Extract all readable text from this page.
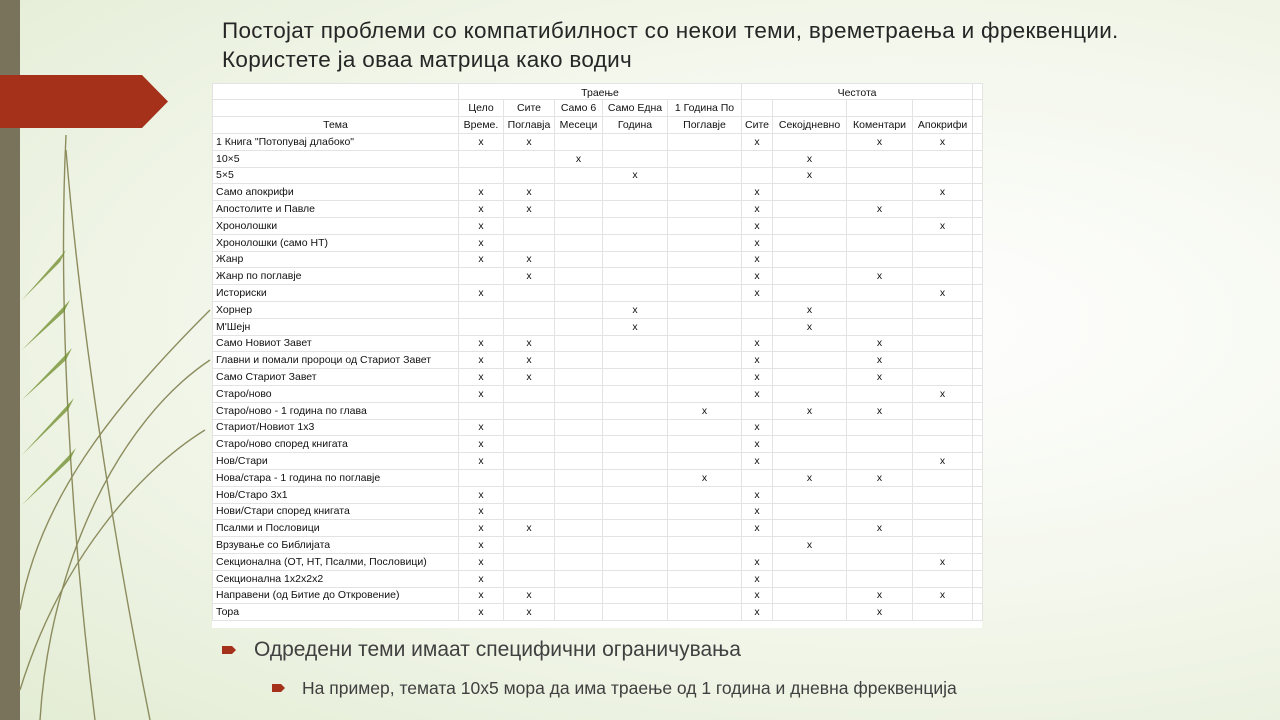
Постојат проблеми со компатибилност со некои теми, времетраења и фреквенции. Користете ја оваа матрица како водич
	Траење					Честота				
	Цело	Сите	Само 6	Само Една	1 Година По					
Тема	Време.	Поглавја	Месеци	Година	Поглавје	Сите	Секојдневно	Коментари	Апокрифи	
1 Книга "Потопувај длабоко"	x	x				x		x	x	
10×5			x				x			
5×5				x			x			
Само апокрифи	x	x				x			x	
Апостолите и Павле	x	x				x		x		
Хронолошки	x					x			x	
Хронолошки (само НТ)	x					x				
Жанр	x	x				x				
Жанр по поглавје		x				x		x		
Историски	x					x			x	
Хорнер				x			x			
М'Шејн				x			x			
Само Новиот Завет	x	x				x		x		
Главни и помали пророци од Стариот Завет	x	x				x		x		
Само Стариот Завет	x	x				x		x		
Старо/ново	x					x			x	
Старо/ново - 1 година по глава					x		x	x		
Стариот/Новиот 1x3	x					x				
Старо/ново според книгата	x					x				
Нов/Стари	x					x			x	
Нова/стара - 1 година по поглавје					x		x	x		
Нов/Старо 3x1	x					x				
Нови/Стари според книгата	x					x				
Псалми и Пословици	x	x				x		x		
Врзување со Библијата	x						x			
Секционална (ОТ, НТ, Псалми, Пословици)	x					x			x	
Секционална 1x2x2x2	x					x				
Направени (од Битие до Откровение)	x	x				x		x	x	
Тора	x	x				x		x		
Одредени теми имаат специфични ограничувања
На пример, темата 10x5 мора да има траење од 1 година и дневна фреквенција
